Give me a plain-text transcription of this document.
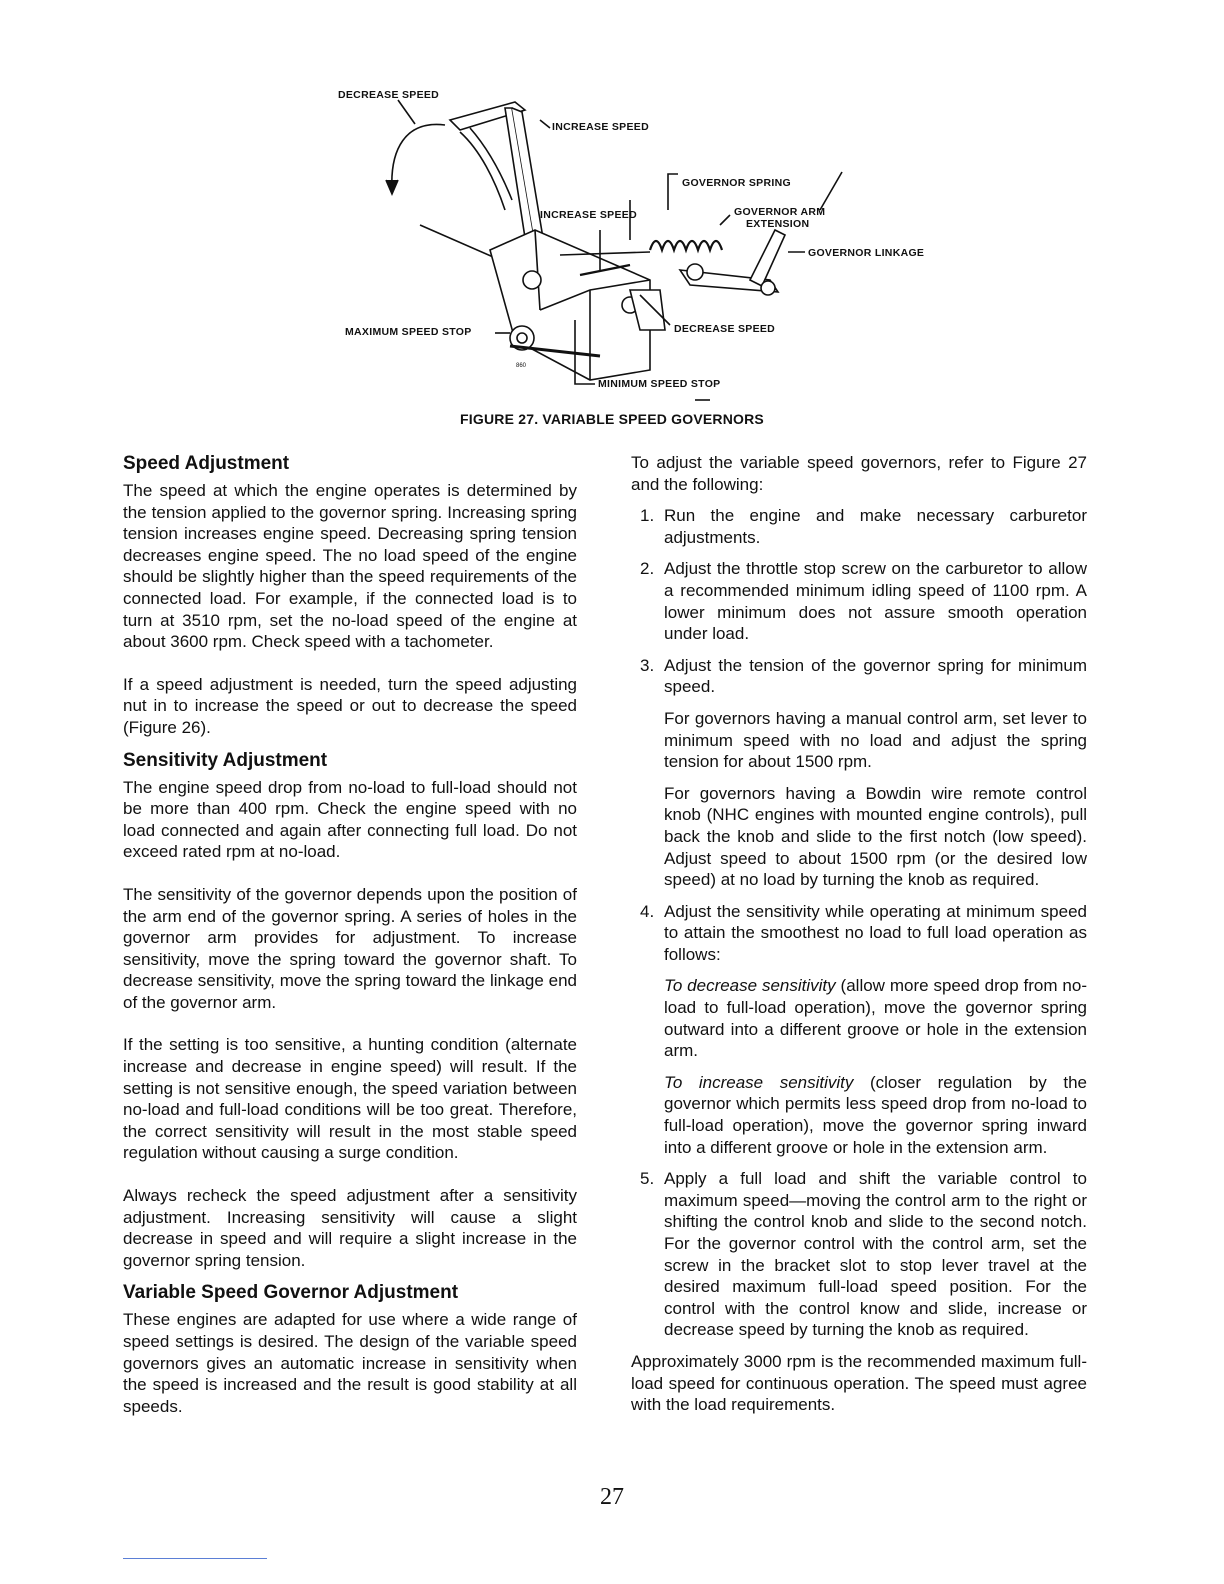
DECREASE SPEED
INCREASE SPEED
GOVERNOR SPRING
INCREASE SPEED	GOVERNOR ARM
EXTENSION
GOVERNOR LINKAGE
MAXIMUM SPEED STOP	DECREASE SPEED
MINIMUM SPEED STOP
860
FIGURE 27. VARIABLE SPEED GOVERNORS
Speed Adjustment

The speed at which the engine operates is determined by the tension applied to the governor spring. Increasing spring tension increases engine speed. Decreasing spring tension decreases engine speed. The no load speed of the engine should be slightly higher than the speed requirements of the connected load. For example, if the connected load is to turn at 3510 rpm, set the no-load speed of the engine at about 3600 rpm. Check speed with a tachometer.

If a speed adjustment is needed, turn the speed adjusting nut in to increase the speed or out to decrease the speed (Figure 26).

Sensitivity Adjustment

The engine speed drop from no-load to full-load should not be more than 400 rpm. Check the engine speed with no load connected and again after connecting full load. Do not exceed rated rpm at no-load.

The sensitivity of the governor depends upon the position of the arm end of the governor spring. A series of holes in the governor arm provides for adjustment. To increase sensitivity, move the spring toward the governor shaft. To decrease sensitivity, move the spring toward the linkage end of the governor arm.

If the setting is too sensitive, a hunting condition (alternate increase and decrease in engine speed) will result. If the setting is not sensitive enough, the speed variation between no-load and full-load conditions will be too great. Therefore, the correct sensitivity will result in the most stable speed regulation without causing a surge condition.

Always recheck the speed adjustment after a sensitivity adjustment. Increasing sensitivity will cause a slight decrease in speed and will require a slight increase in the governor spring tension.

Variable Speed Governor Adjustment

These engines are adapted for use where a wide range of speed settings is desired. The design of the variable speed governors gives an automatic increase in sensitivity when the speed is increased and the result is good stability at all speeds.

To adjust the variable speed governors, refer to Figure 27 and the following:

1. Run the engine and make necessary carburetor adjustments.

2. Adjust the throttle stop screw on the carburetor to allow a recommended minimum idling speed of 1100 rpm. A lower minimum does not assure smooth operation under load.

3. Adjust the tension of the governor spring for minimum speed.

For governors having a manual control arm, set lever to minimum speed with no load and adjust the spring tension for about 1500 rpm.

For governors having a Bowdin wire remote control knob (NHC engines with mounted engine controls), pull back the knob and slide to the first notch (low speed). Adjust speed to about 1500 rpm (or the desired low speed) at no load by turning the knob as required.

4. Adjust the sensitivity while operating at minimum speed to attain the smoothest no load to full load operation as follows:

To decrease sensitivity (allow more speed drop from no-load to full-load operation), move the governor spring outward into a different groove or hole in the extension arm.

To increase sensitivity (closer regulation by the governor which permits less speed drop from no-load to full-load operation), move the governor spring inward into a different groove or hole in the extension arm.

5. Apply a full load and shift the variable control to maximum speed—moving the control arm to the right or shifting the control knob and slide to the second notch. For the governor control with the control arm, set the screw in the bracket slot to stop lever travel at the desired maximum full-load speed position. For the control with the control know and slide, increase or decrease speed by turning the knob as required.

Approximately 3000 rpm is the recommended maximum full-load speed for continuous operation. The speed must agree with the load requirements.

27
